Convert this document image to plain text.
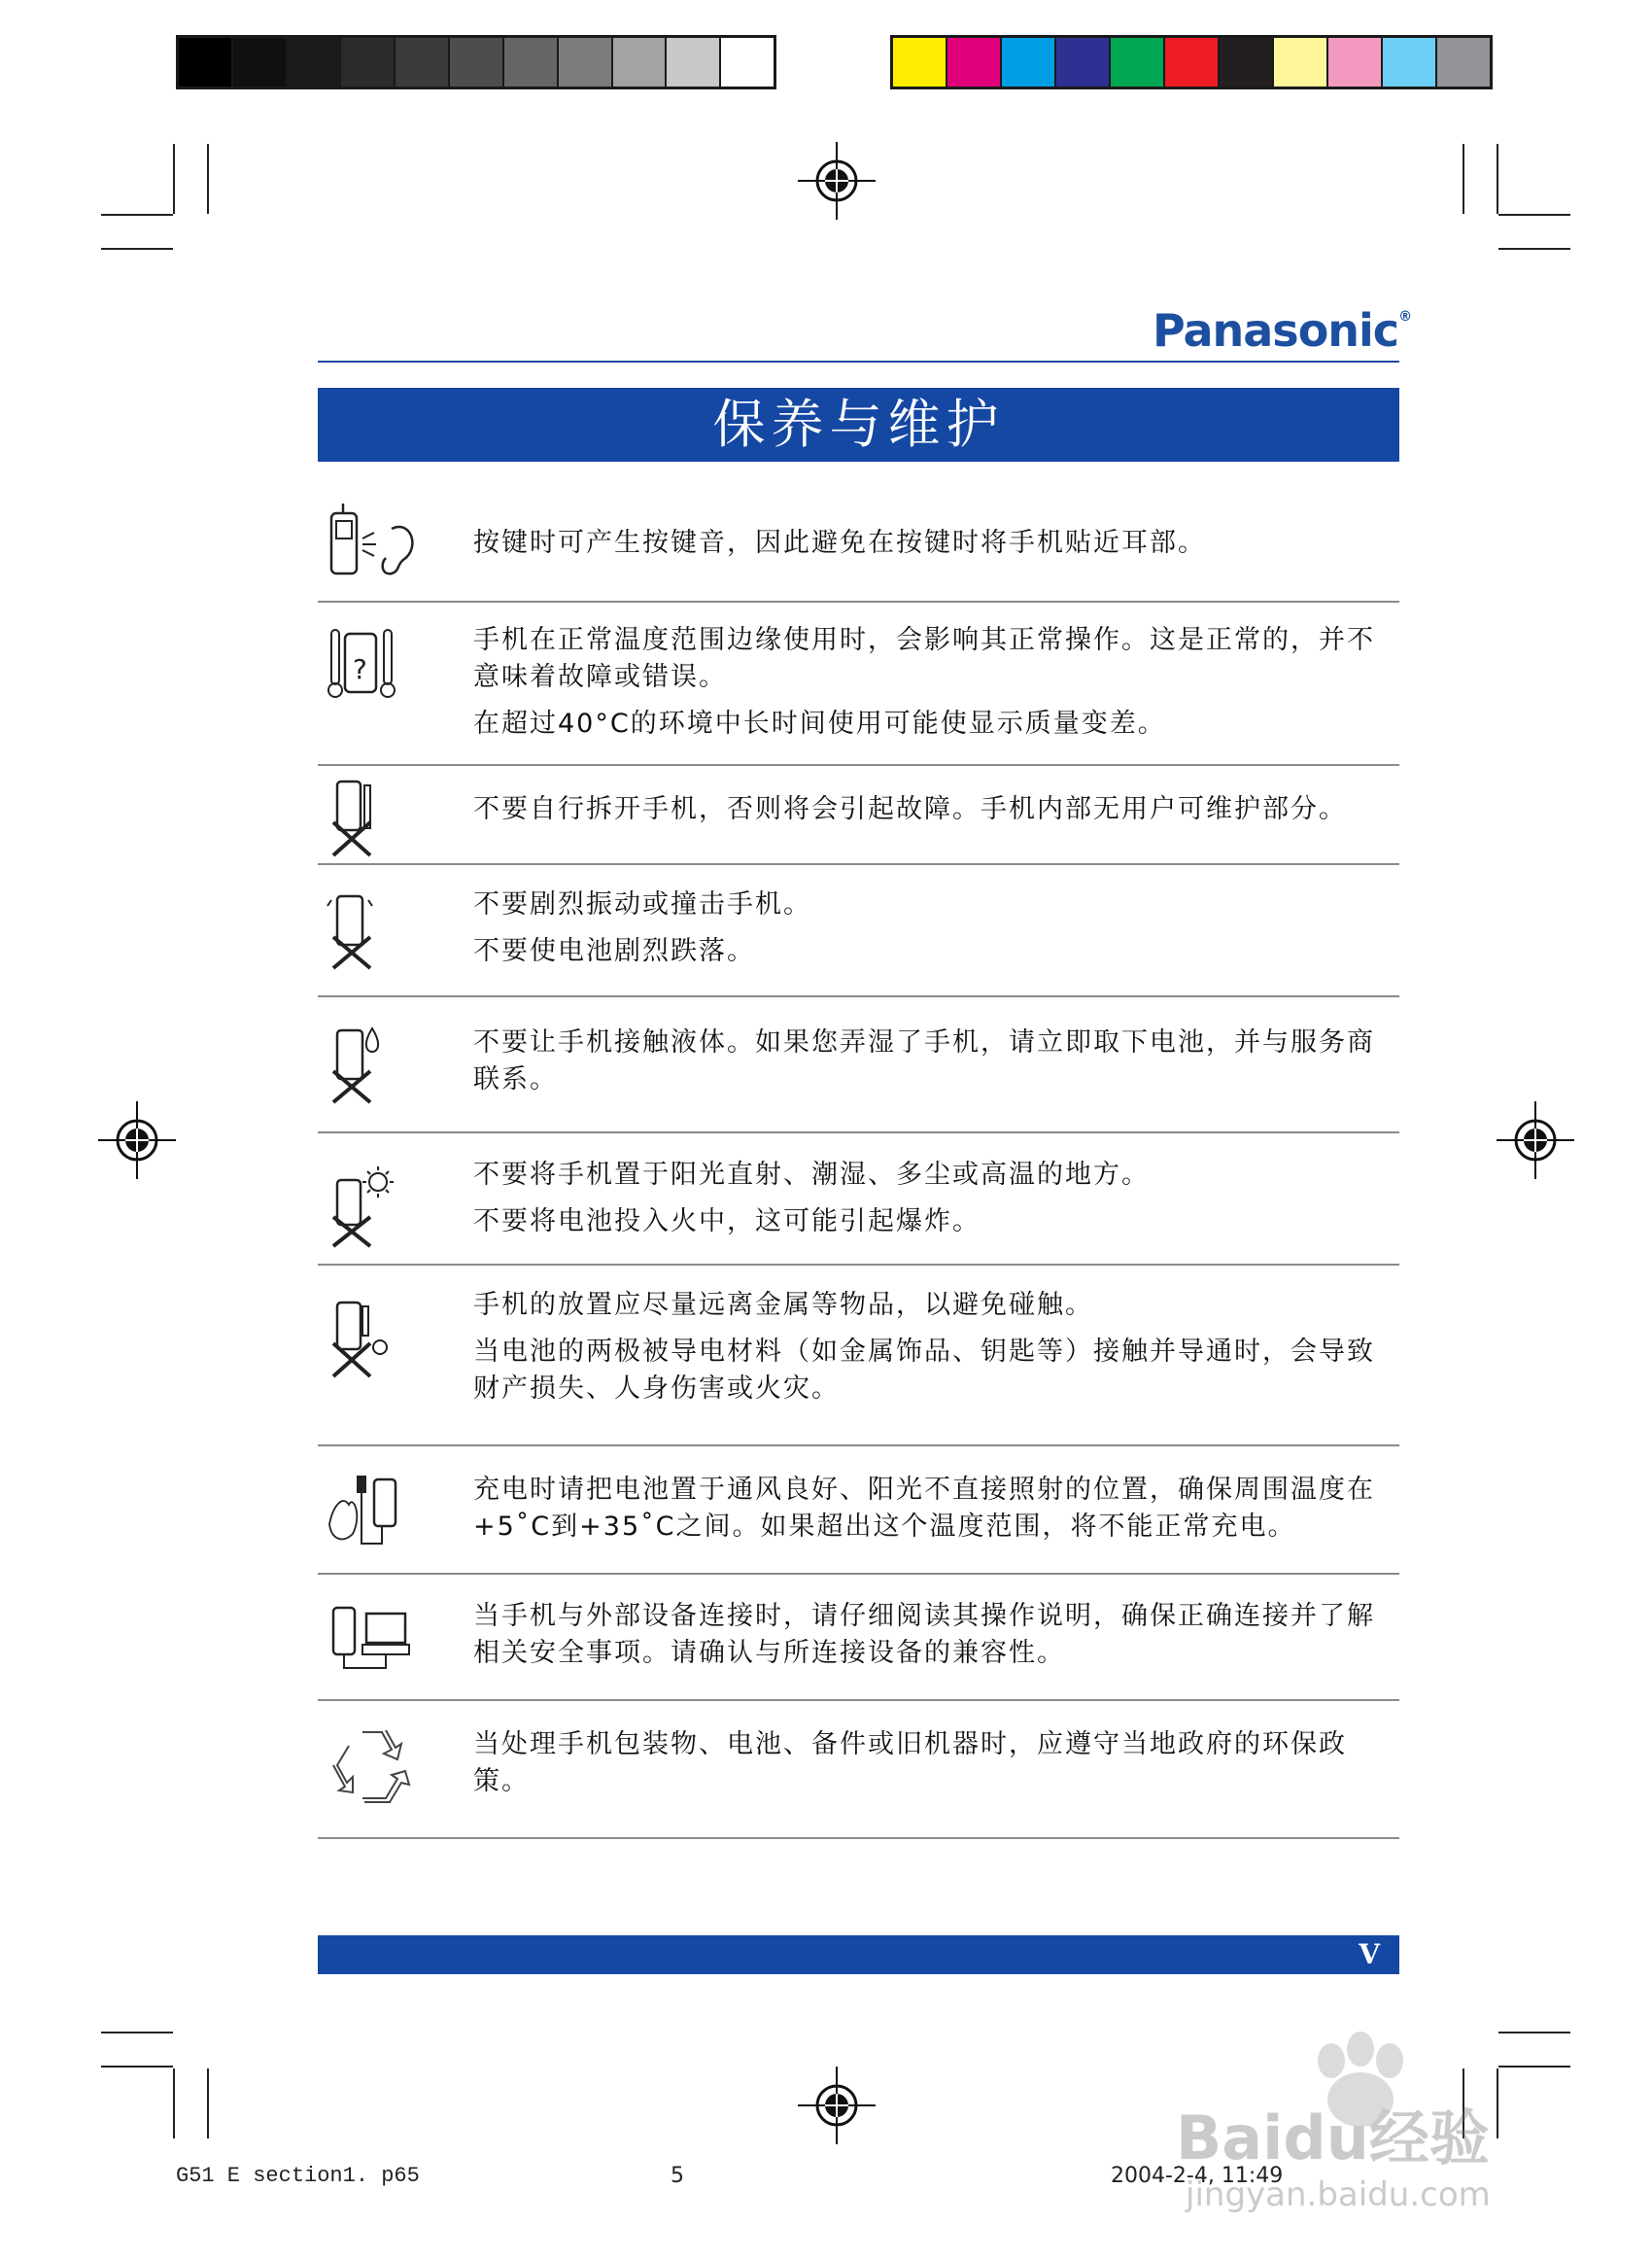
Panasonic®
保养与维护

按键时可产生按键音，因此避免在按键时将手机贴近耳部。

?

手机在正常温度范围边缘使用时，会影响其正常操作。这是正常的，并不意味着故障或错误。

在超过40°C的环境中长时间使用可能使显示质量变差。

不要自行拆开手机，否则将会引起故障。手机内部无用户可维护部分。

不要剧烈振动或撞击手机。

不要使电池剧烈跌落。

不要让手机接触液体。如果您弄湿了手机，请立即取下电池，并与服务商联系。

不要将手机置于阳光直射、潮湿、多尘或高温的地方。

不要将电池投入火中，这可能引起爆炸。

手机的放置应尽量远离金属等物品，以避免碰触。

当电池的两极被导电材料（如金属饰品、钥匙等）接触并导通时，会导致财产损失、人身伤害或火灾。

充电时请把电池置于通风良好、阳光不直接照射的位置，确保周围温度在+5˚C到+35˚C之间。如果超出这个温度范围，将不能正常充电。

当手机与外部设备连接时，请仔细阅读其操作说明，确保正确连接并了解相关安全事项。请确认与所连接设备的兼容性。

当处理手机包装物、电池、备件或旧机器时，应遵守当地政府的环保政策。

V
G51 E section1. p65	5	2004-2-4, 11:49
Baidu经验
jingyan.baidu.com
